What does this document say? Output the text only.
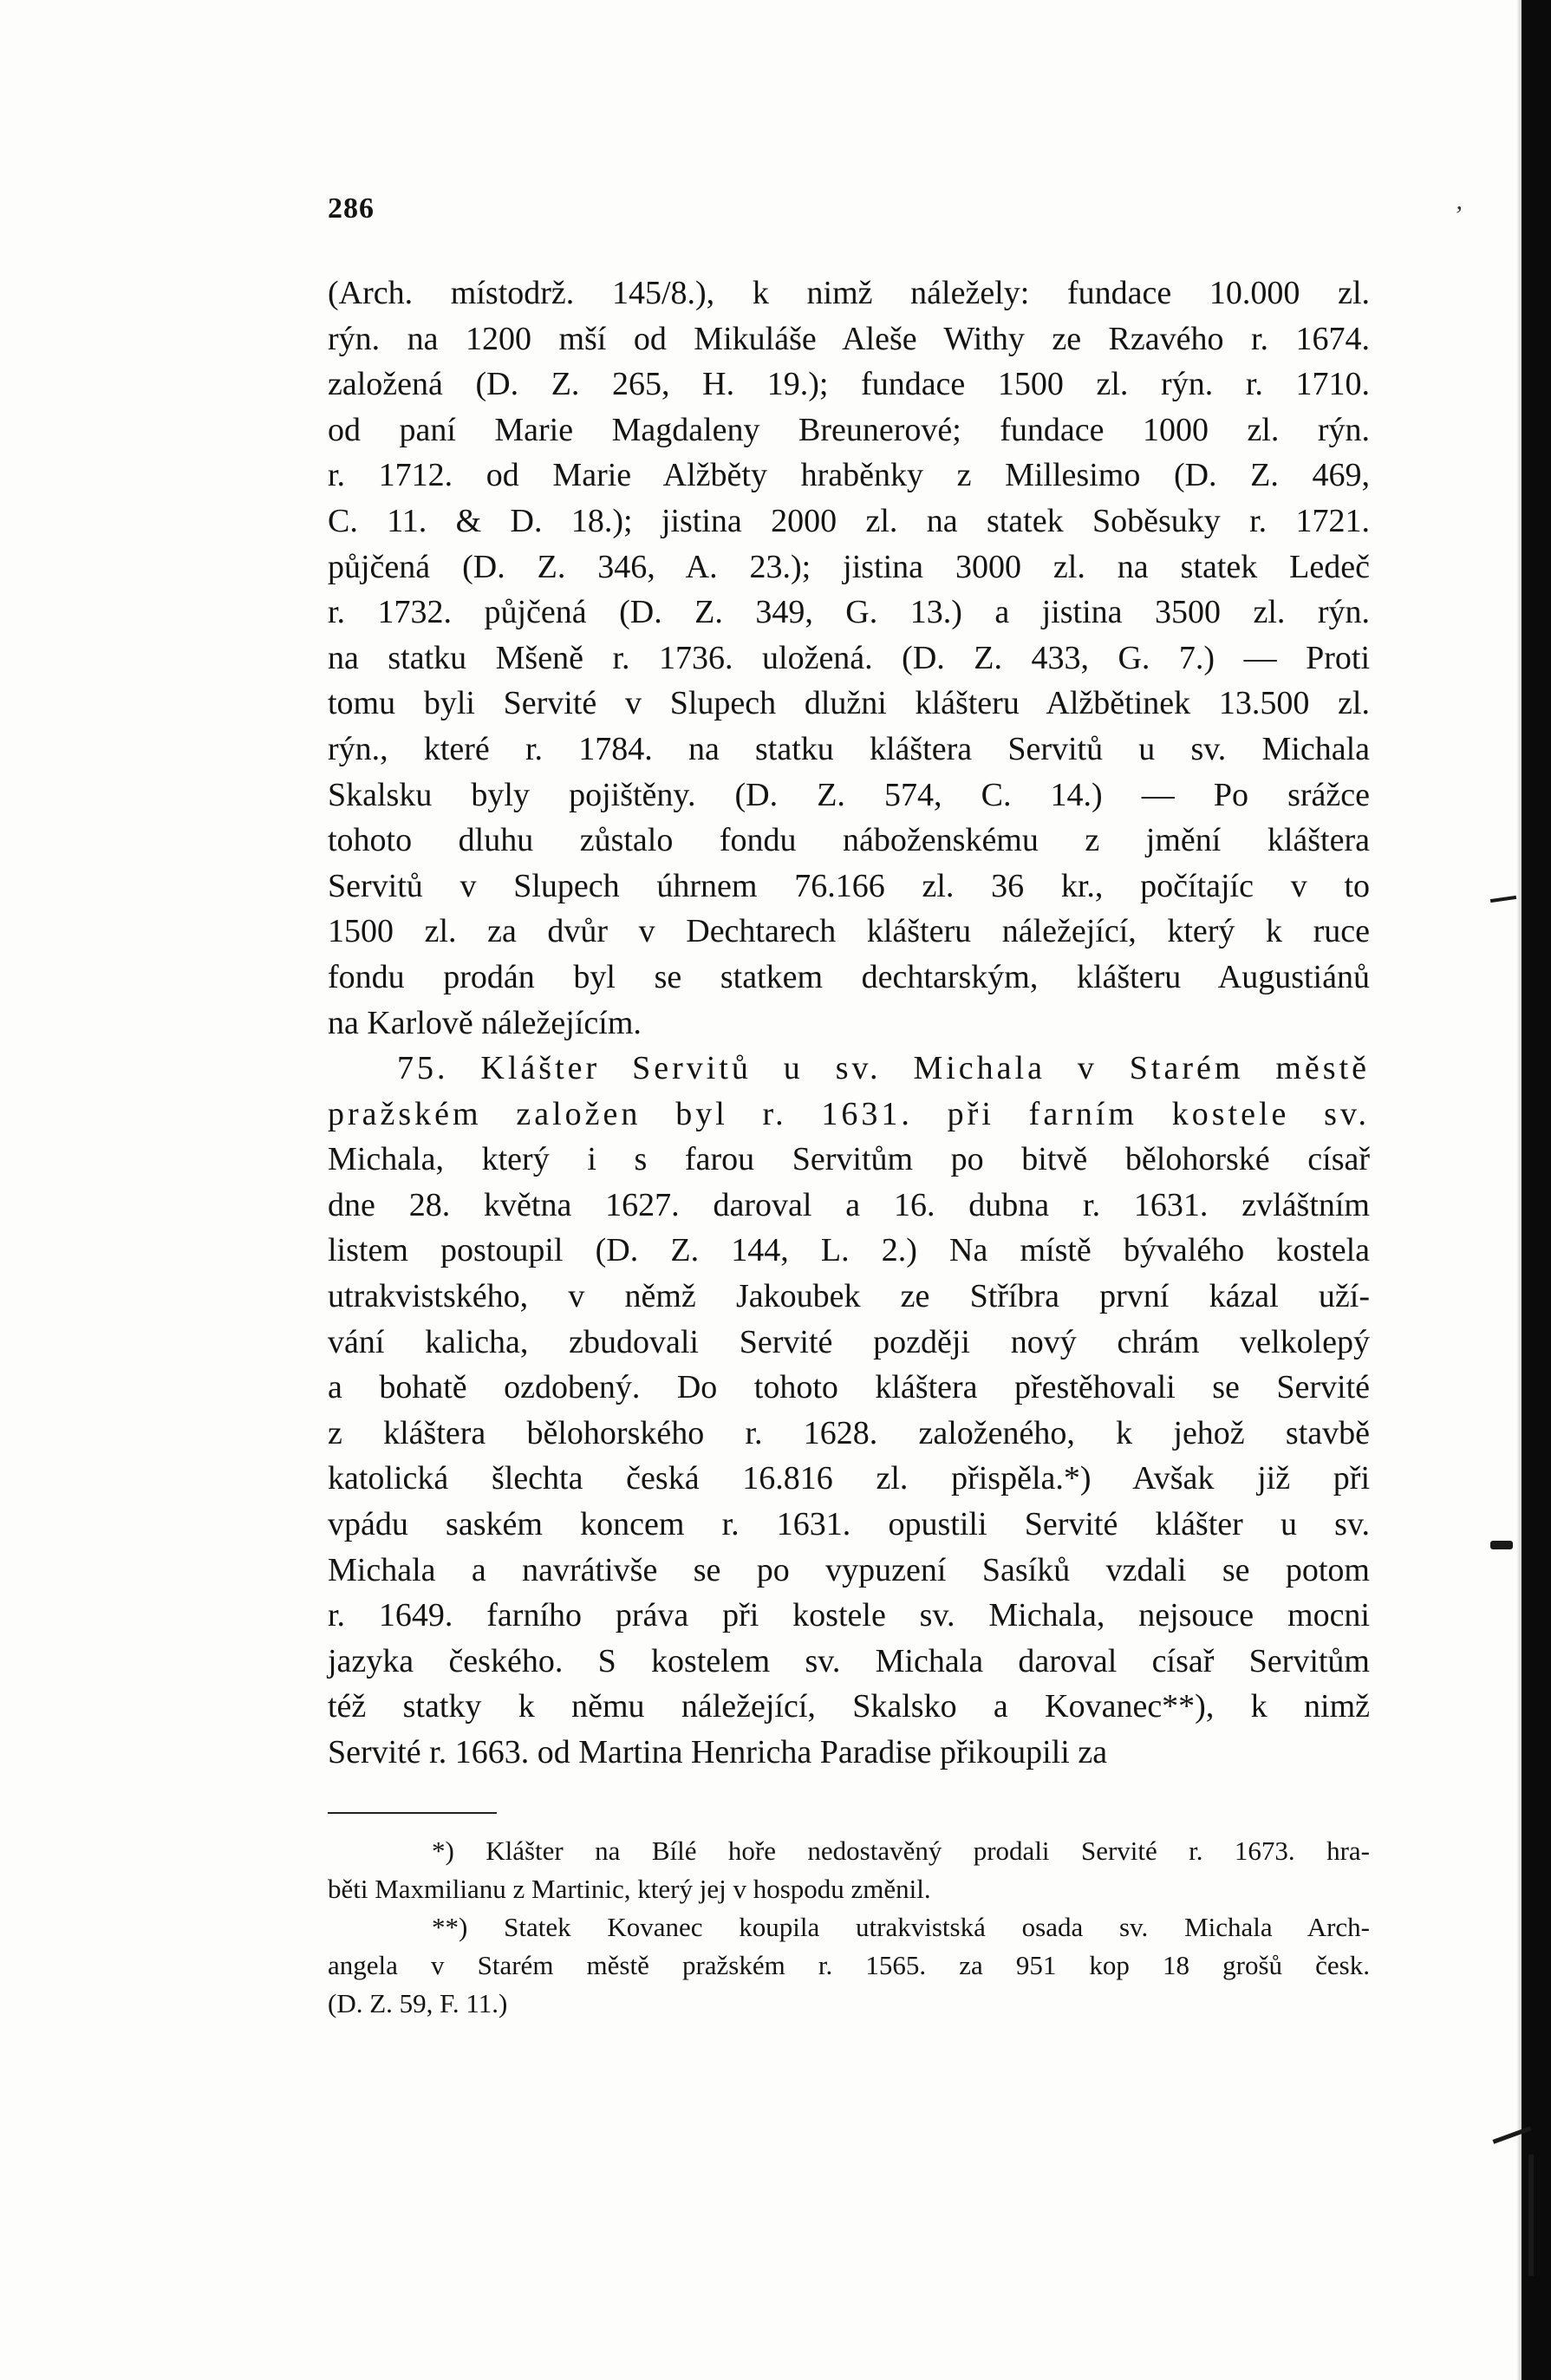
ʼ
286
(Arch. místodrž. 145/8.), k nimž náležely: fundace 10.000 zl.
rýn. na 1200 mší od Mikuláše Aleše Withy ze Rzavého r. 1674.
založená (D. Z. 265, H. 19.); fundace 1500 zl. rýn. r. 1710.
od paní Marie Magdaleny Breunerové; fundace 1000 zl. rýn.
r. 1712. od Marie Alžběty hraběnky z Millesimo (D. Z. 469,
C. 11. & D. 18.); jistina 2000 zl. na statek Soběsuky r. 1721.
půjčená (D. Z. 346, A. 23.); jistina 3000 zl. na statek Ledeč
r. 1732. půjčená (D. Z. 349, G. 13.) a jistina 3500 zl. rýn.
na statku Mšeně r. 1736. uložená. (D. Z. 433, G. 7.) — Proti
tomu byli Servité v Slupech dlužni klášteru Alžbětinek 13.500 zl.
rýn., které r. 1784. na statku kláštera Servitů u sv. Michala
Skalsku byly pojištěny. (D. Z. 574, C. 14.) — Po srážce
tohoto dluhu zůstalo fondu náboženskému z jmění kláštera
Servitů v Slupech úhrnem 76.166 zl. 36 kr., počítajíc v to
1500 zl. za dvůr v Dechtarech klášteru náležející, který k ruce
fondu prodán byl se statkem dechtarským, klášteru Augustiánů
na Karlově náležejícím.
75. Klášter Servitů u sv. Michala v Starém městě
pražském založen byl r. 1631. při farním kostele sv.
Michala, který i s farou Servitům po bitvě bělohorské císař
dne 28. května 1627. daroval a 16. dubna r. 1631. zvláštním
listem postoupil (D. Z. 144, L. 2.) Na místě bývalého kostela
utrakvistského, v němž Jakoubek ze Stříbra první kázal uží-
vání kalicha, zbudovali Servité později nový chrám velkolepý
a bohatě ozdobený. Do tohoto kláštera přestěhovali se Servité
z kláštera bělohorského r. 1628. založeného, k jehož stavbě
katolická šlechta česká 16.816 zl. přispěla.*) Avšak již při
vpádu saském koncem r. 1631. opustili Servité klášter u sv.
Michala a navrátivše se po vypuzení Sasíků vzdali se potom
r. 1649. farního práva při kostele sv. Michala, nejsouce mocni
jazyka českého. S kostelem sv. Michala daroval císař Servitům
též statky k němu náležející, Skalsko a Kovanec**), k nimž
Servité r. 1663. od Martina Henricha Paradise přikoupili za
*) Klášter na Bílé hoře nedostavěný prodali Servité r. 1673. hra-
běti Maxmilianu z Martinic, který jej v hospodu změnil.
**) Statek Kovanec koupila utrakvistská osada sv. Michala Arch-
angela v Starém městě pražském r. 1565. za 951 kop 18 grošů česk.
(D. Z. 59, F. 11.)
